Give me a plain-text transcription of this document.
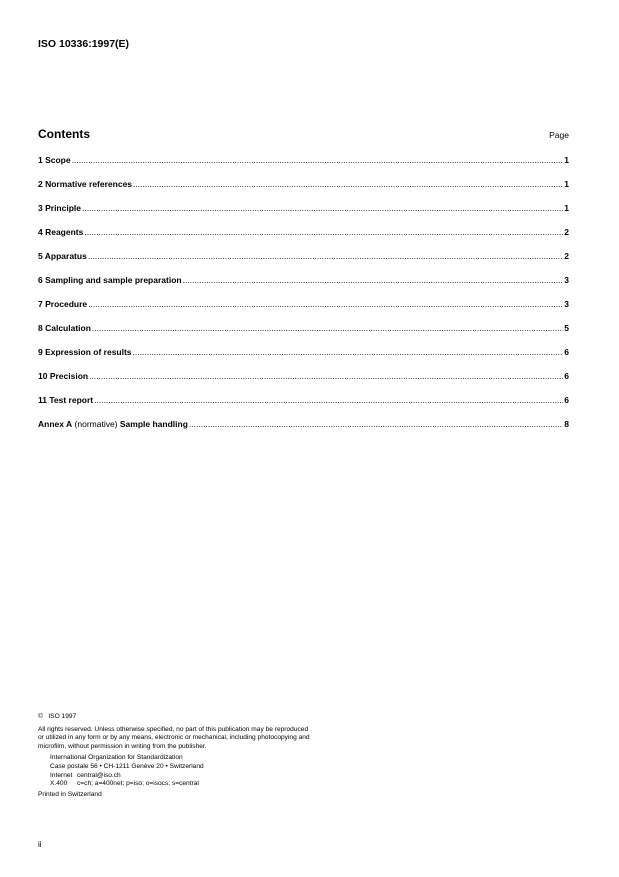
ISO 10336:1997(E)
Contents	Page
1 Scope .....	1
2 Normative references .....	1
3 Principle .....	1
4 Reagents .....	2
5 Apparatus .....	2
6 Sampling and sample preparation .....	3
7 Procedure .....	3
8 Calculation .....	5
9 Expression of results .....	6
10 Precision .....	6
11 Test report .....	6
Annex A (normative) Sample handling .....	8

©   ISO 1997

All rights reserved. Unless otherwise specified, no part of this publication may be reproduced

or utilized in any form or by any means, electronic or mechanical, including photocopying and

microfilm, without permission in writing from the publisher.

International Organization for Standardization

Case postale 56 • CH-1211 Genève 20 • Switzerland

Internet central@iso.ch
X.400	c=ch; a=400net; p=iso; o=isocs; s=central

Printed in Switzerland

ii
